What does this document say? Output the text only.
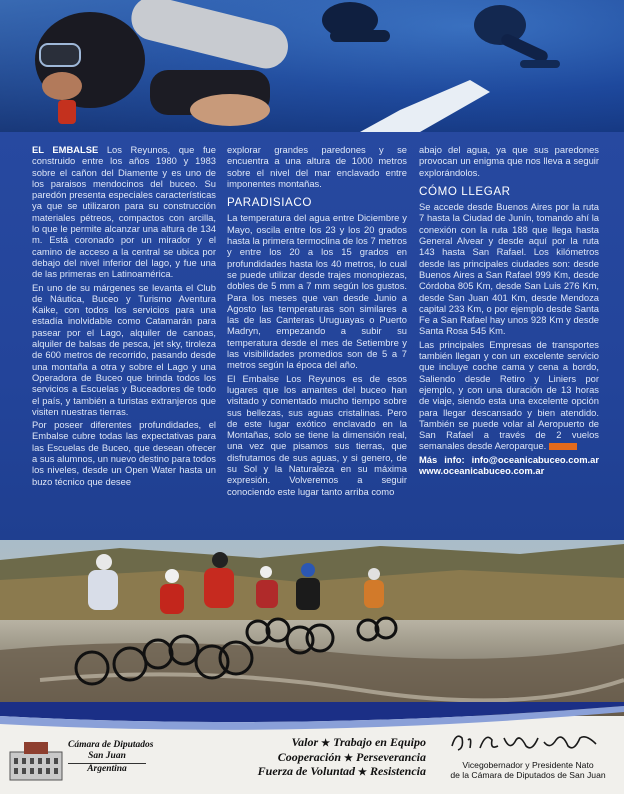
EL EMBALSE Los Reyunos, que fue construido entre los años 1980 y 1983 sobre el cañon del Diamente y es uno de los paraisos mendocinos del buceo. Su paredón presenta especiales características ya que se utilizaron para su construcción materiales pétreos, compactos con arcilla, lo que le permite alcanzar una altura de 134 m. Está coronado por un mirador y el camino de acceso a la central se ubica por debajo del nivel inferior del lago, y fue una de las primeras en Latinoamérica.

En uno de su márgenes se levanta el Club de Náutica, Buceo y Turismo Aventura Kaike, con todos los servicios para una estadía inolvidable como Catamarán para pasear por el Lago, alquiler de canoas, alquiler de balsas de pesca, jet sky, tiroleza de 600 metros de recorrido, pasando desde una montaña a otra y sobre el Lago y una Operadora de Buceo que brinda todos los servicios a Escuelas y Buceadores de todo el país, y también a turistas extranjeros que visiten nuestras tierras.

Por poseer diferentes profundidades, el Embalse cubre todas las expectativas para las Escuelas de Buceo, que desean ofrecer a sus alumnos, un nuevo destino para todos los niveles, desde un Open Water hasta un buzo técnico que desee

explorar grandes paredones y se encuentra a una altura de 1000 metros sobre el nivel del mar enclavado entre imponentes montañas.

PARADISIACO

La temperatura del agua entre Diciembre y Mayo, oscila entre los 23 y los 20 grados hasta la primera termoclina de los 7 metros y entre los 20 a los 15 grados en profundidades hasta los 40 metros, lo cual se puede utilizar desde trajes monopiezas, dobles de 5 mm a 7 mm según los gustos. Para los meses que van desde Junio a Agosto las temperaturas son similares a las de las Canteras Uruguayas o Puerto Madryn, empezando a subir su temperatura desde el mes de Setiembre y las visibilidades promedios son de 5 a 7 metros según la época del año.

El Embalse Los Reyunos es de esos lugares que los amantes del buceo han visitado y comentado mucho tiempo sobre sus bellezas, sus aguas cristalinas. Pero de este lugar exótico enclavado en la Montañas, solo se tiene la dimensión real, una vez que pisamos sus tierras, que disfrutamos de sus aguas, y si genero, de su Sol y la Naturaleza en su máxima expresión. Volveremos a seguir conociendo este lugar tanto arriba como

abajo del agua, ya que sus paredones provocan un enigma que nos lleva a seguir explorándolos.

CÓMO LLEGAR

Se accede desde Buenos Aires por la ruta 7 hasta la Ciudad de Junín, tomando ahí la conexión con la ruta 188 que llega hasta General Alvear y desde aquí por la ruta 143 hasta San Rafael. Los kilómetros desde las principales ciudades son: desde Buenos Aires a San Rafael 999 Km, desde Córdoba 805 Km, desde San Luis 276 Km, desde San Juan 401 Km, desde Mendoza capital 233 Km, o por ejemplo desde Santa Fe a San Rafael hay unos 928 Km y desde Santa Rosa 545 Km.

Las principales Empresas de transportes también llegan y con un excelente servicio que incluye coche cama y cena a bordo, Saliendo desde Retiro y Liniers por ejemplo, y con una duración de 13 horas de viaje, siendo esta una excelente opción para llegar descansado y bien atendido. También se puede volar al Aeropuerto de San Rafael a través de 2 vuelos semanales desde Aeroparque.

Más info: info@oceanicabuceo.com.ar www.oceanicabuceo.com.ar

Cámara de Diputados
San Juan
Argentina
Valor ★ Trabajo en Equipo
Cooperación ★ Perseverancia
Fuerza de Voluntad ★ Resistencia	Vicegobernador y Presidente Nato
de la Cámara de Diputados de San Juan
